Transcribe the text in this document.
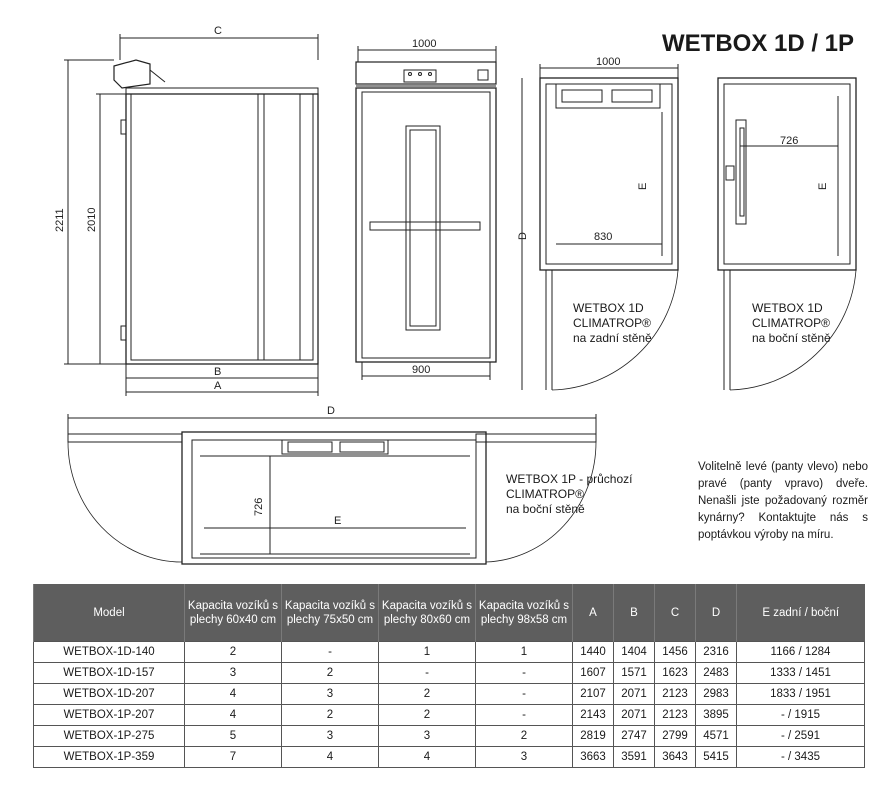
WETBOX 1D / 1P
C
1000
1000
2211 2010
B
A
900
D
E
830
726
E
D
726
E
WETBOX 1D
CLIMATROP®
na zadní stěně
WETBOX 1D
CLIMATROP®
na boční stěně
WETBOX 1P - průchozí
CLIMATROP®
na boční stěně
Volitelně levé (panty vlevo) nebo pravé (panty vpravo) dveře. Nenašli jste požadovaný rozměr kynárny? Kontaktujte nás s poptávkou výroby na míru.
Model	Kapacita vozíků s plechy 60x40 cm	Kapacita vozíků s plechy 75x50 cm	Kapacita vozíků s plechy 80x60 cm	Kapacita vozíků s plechy 98x58 cm	A	B	C	D	E zadní / boční
WETBOX-1D-140	2	-	1	1	1440	1404	1456	2316	1166 / 1284
WETBOX-1D-157	3	2	-	-	1607	1571	1623	2483	1333 / 1451
WETBOX-1D-207	4	3	2	-	2107	2071	2123	2983	1833 / 1951
WETBOX-1P-207	4	2	2	-	2143	2071	2123	3895	- / 1915
WETBOX-1P-275	5	3	3	2	2819	2747	2799	4571	- / 2591
WETBOX-1P-359	7	4	4	3	3663	3591	3643	5415	- / 3435
